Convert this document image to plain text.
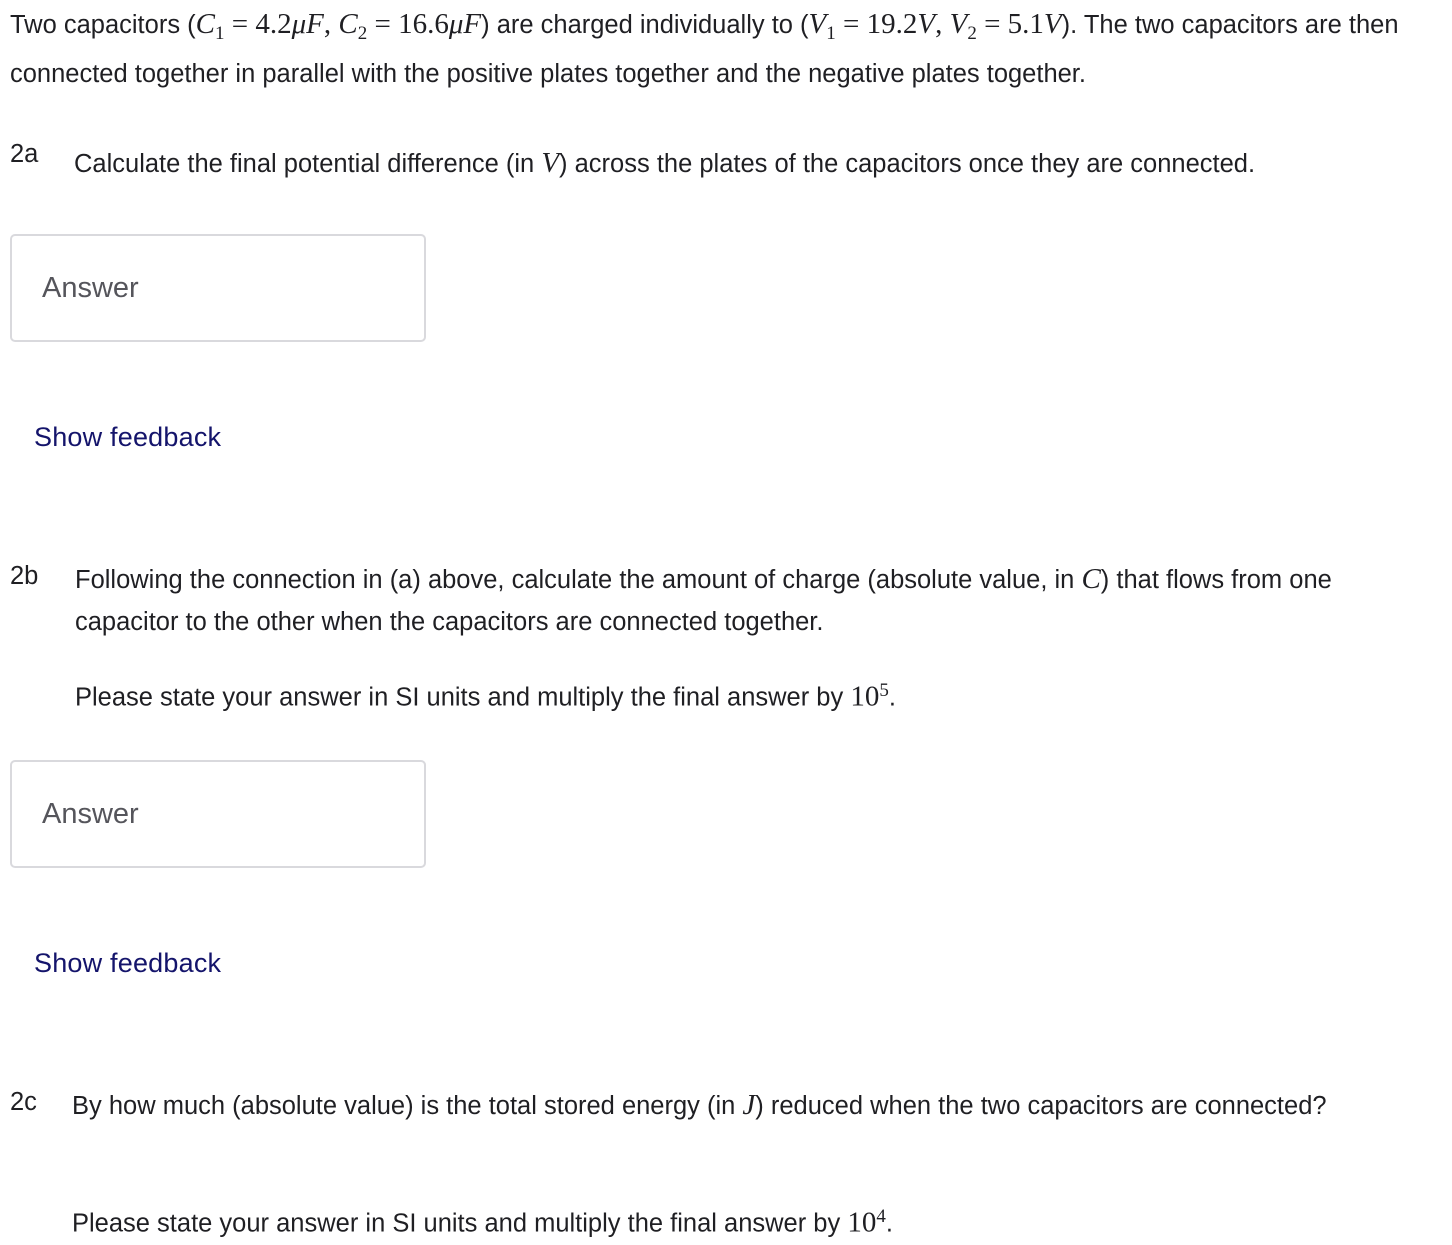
Two capacitors ($C_1 = 4.2\mu F$, $C_2 = 16.6\mu F$) are charged individually to ($V_1 = 19.2V$, $V_2 = 5.1V$). The two capacitors are then connected together in parallel with the positive plates together and the negative plates together.
2a Calculate the final potential difference (in V) across the plates of the capacitors once they are connected.
Answer
Show feedback
2b Following the connection in (a) above, calculate the amount of charge (absolute value, in C) that flows from one capacitor to the other when the capacitors are connected together.
Please state your answer in SI units and multiply the final answer by $10^5$.
Answer
Show feedback
2c By how much (absolute value) is the total stored energy (in J) reduced when the two capacitors are connected?
Please state your answer in SI units and multiply the final answer by $10^4$.
